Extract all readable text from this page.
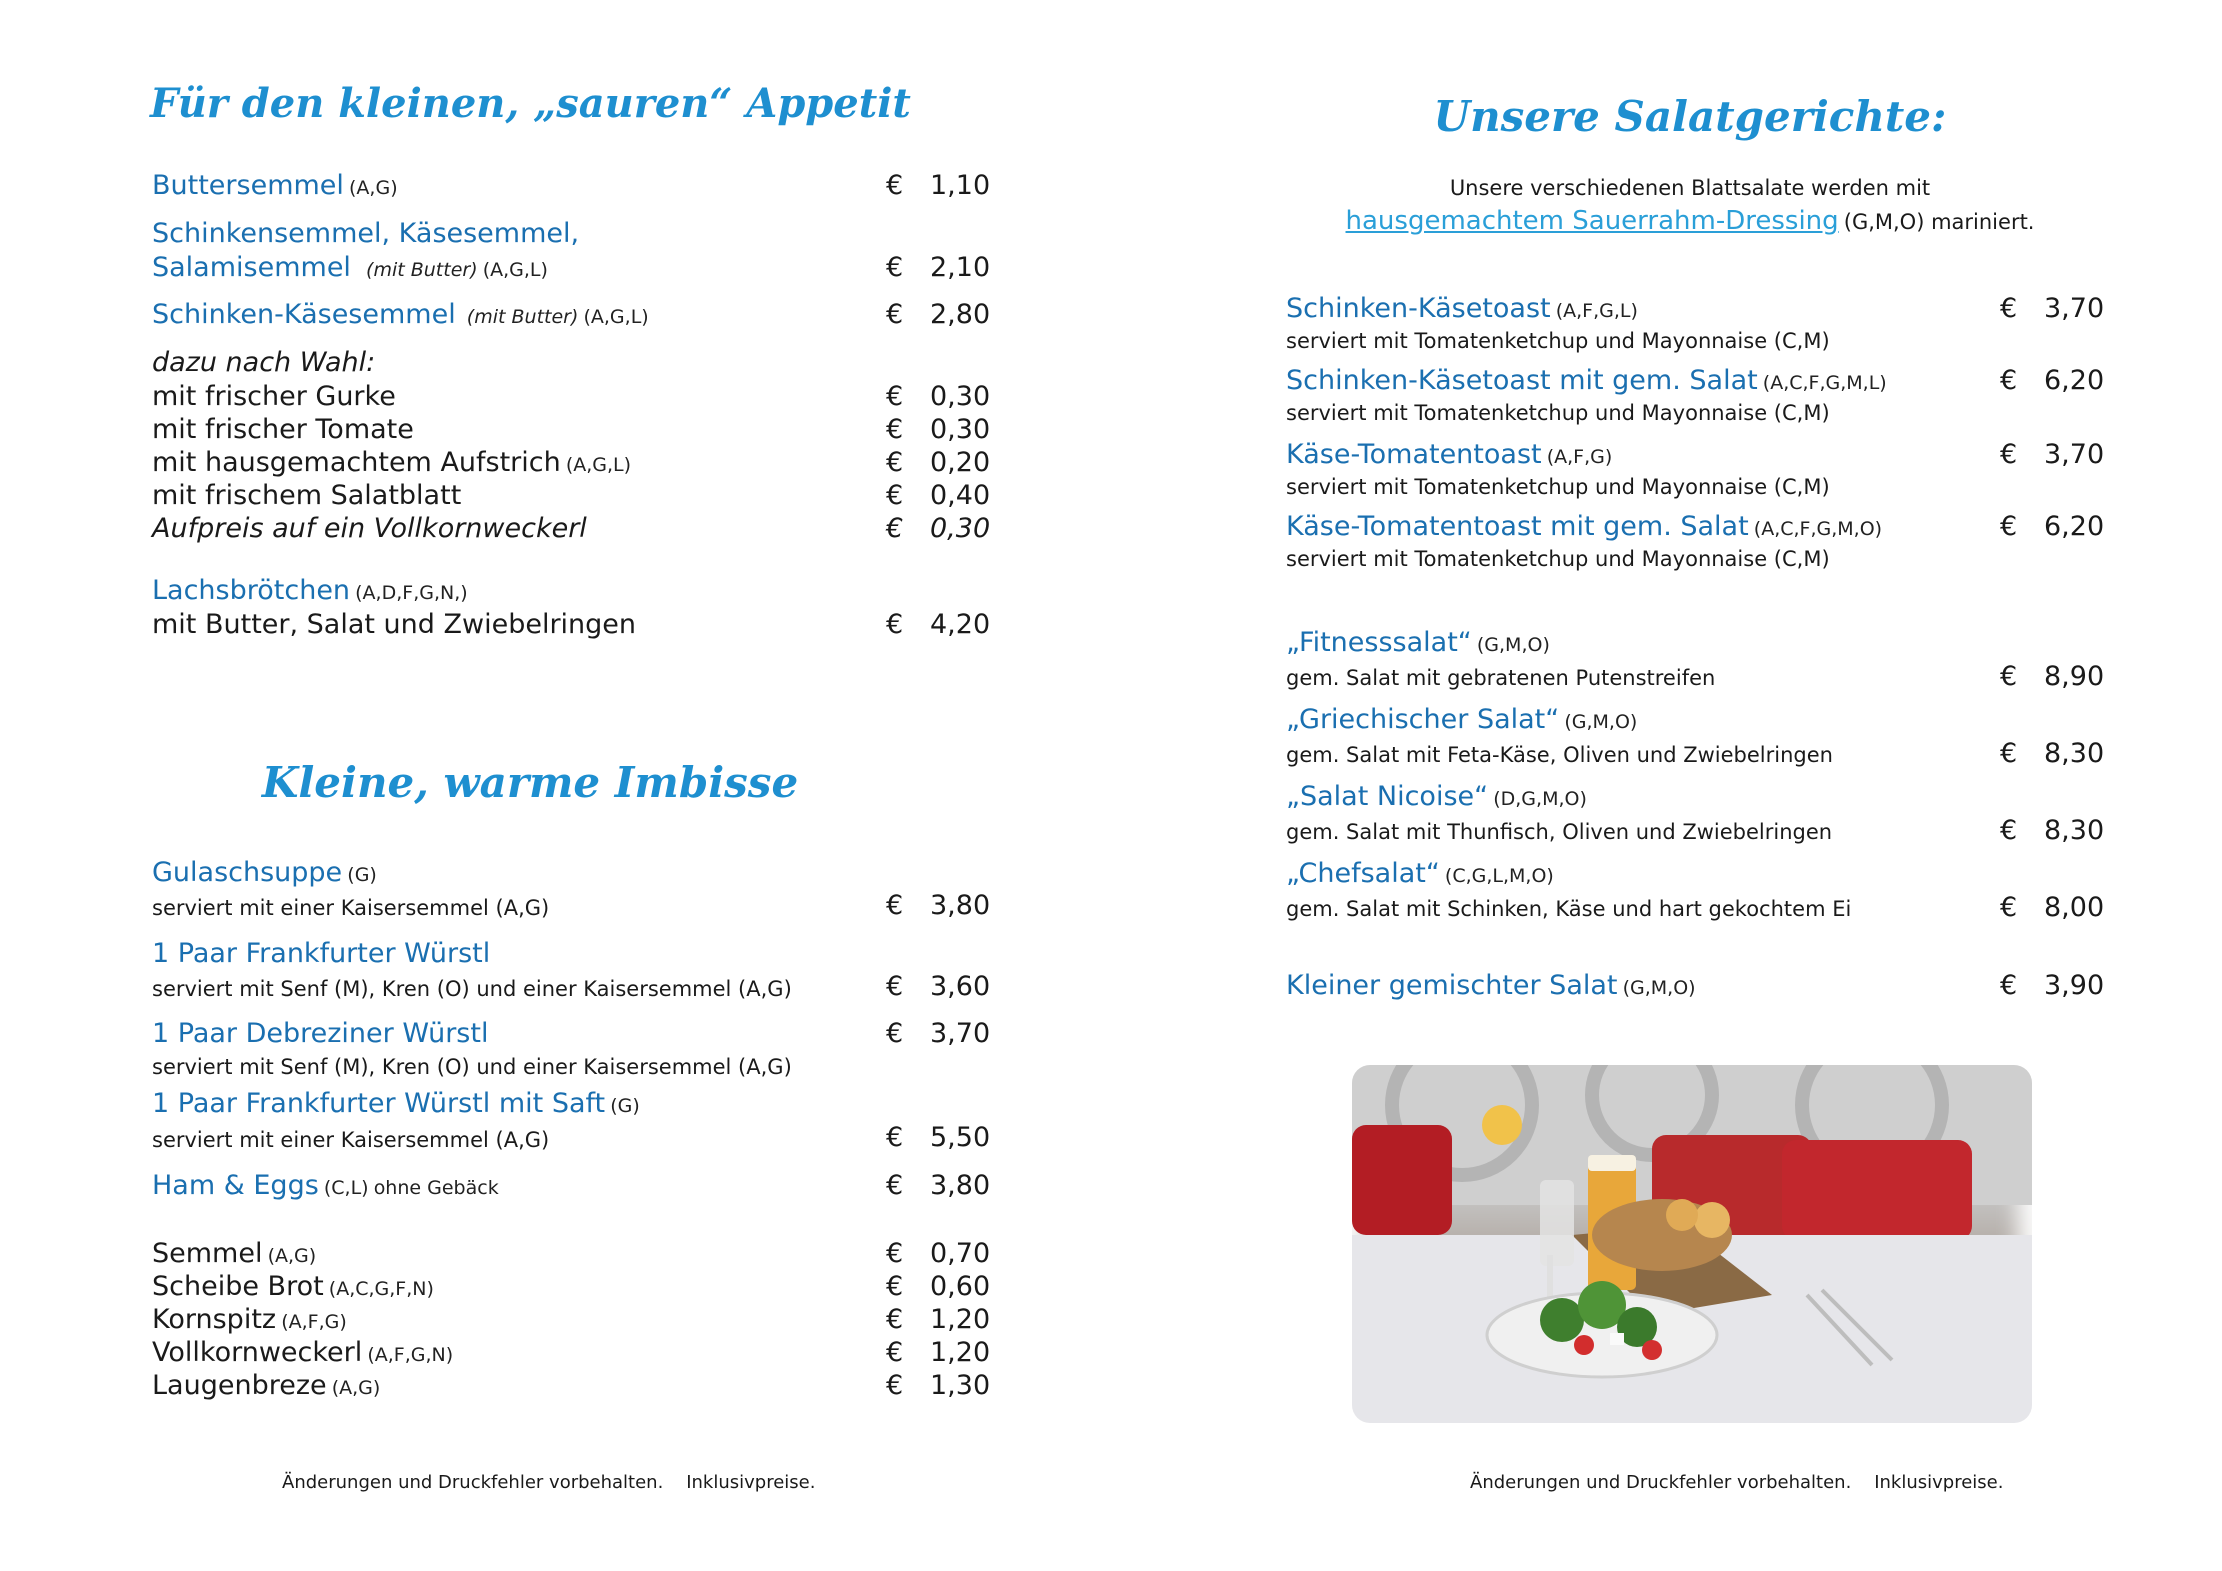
Für den kleinen, „sauren“ Appetit
Buttersemmel (A,G)	€ 1,10
Schinkensemmel, Käsesemmel,
Salamisemmel (mit Butter) (A,G,L)	€ 2,10
Schinken-Käsesemmel (mit Butter) (A,G,L)	€ 2,80
dazu nach Wahl:
mit frischer Gurke	€ 0,30
mit frischer Tomate	€ 0,30
mit hausgemachtem Aufstrich (A,G,L)	€ 0,20
mit frischem Salatblatt	€ 0,40
Aufpreis auf ein Vollkornweckerl	€ 0,30
Lachsbrötchen (A,D,F,G,N,)
mit Butter, Salat und Zwiebelringen	€ 4,20
Kleine, warme Imbisse
Gulaschsuppe (G)
serviert mit einer Kaisersemmel (A,G)	€ 3,80
1 Paar Frankfurter Würstl
serviert mit Senf (M), Kren (O) und einer Kaisersemmel (A,G)	€ 3,60
1 Paar Debreziner Würstl	€ 3,70
serviert mit Senf (M), Kren (O) und einer Kaisersemmel (A,G)
1 Paar Frankfurter Würstl mit Saft (G)
serviert mit einer Kaisersemmel (A,G)	€ 5,50
Ham & Eggs (C,L) ohne Gebäck	€ 3,80
Semmel (A,G)	€ 0,70
Scheibe Brot (A,C,G,F,N)	€ 0,60
Kornspitz (A,F,G)	€ 1,20
Vollkornweckerl (A,F,G,N)	€ 1,20
Laugenbreze (A,G)	€ 1,30
Änderungen und Druckfehler vorbehalten.    Inklusivpreise.
Unsere Salatgerichte:
Unsere verschiedenen Blattsalate werden mit
hausgemachtem Sauerrahm-Dressing (G,M,O) mariniert.
Schinken-Käsetoast (A,F,G,L)	€ 3,70
serviert mit Tomatenketchup und Mayonnaise (C,M)
Schinken-Käsetoast mit gem. Salat (A,C,F,G,M,L)	€ 6,20
serviert mit Tomatenketchup und Mayonnaise (C,M)
Käse-Tomatentoast (A,F,G)	€ 3,70
serviert mit Tomatenketchup und Mayonnaise (C,M)
Käse-Tomatentoast mit gem. Salat (A,C,F,G,M,O)	€ 6,20
serviert mit Tomatenketchup und Mayonnaise (C,M)
„Fitnesssalat“ (G,M,O)
gem. Salat mit gebratenen Putenstreifen	€ 8,90
„Griechischer Salat“ (G,M,O)
gem. Salat mit Feta-Käse, Oliven und Zwiebelringen	€ 8,30
„Salat Nicoise“ (D,G,M,O)
gem. Salat mit Thunfisch, Oliven und Zwiebelringen	€ 8,30
„Chefsalat“ (C,G,L,M,O)
gem. Salat mit Schinken, Käse und hart gekochtem Ei	€ 8,00
Kleiner gemischter Salat (G,M,O)	€ 3,90
Änderungen und Druckfehler vorbehalten.    Inklusivpreise.
